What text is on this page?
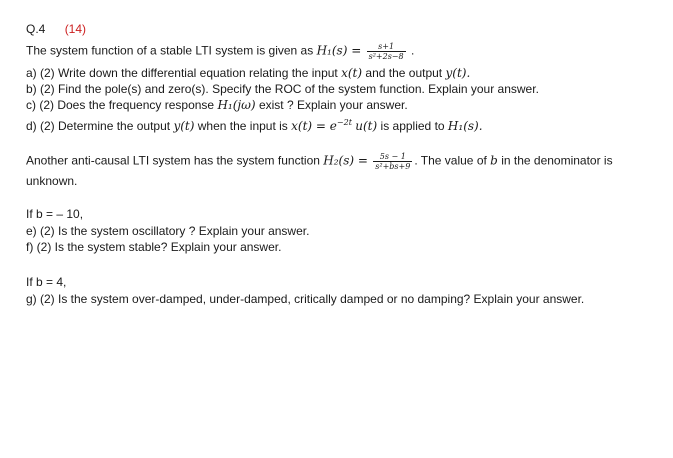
Q.4 (14)
The system function of a stable LTI system is given as $H_1(s) = \frac{s+1}{\text{s²+2s−8}}$ .
a) (2) Write down the differential equation relating the input x(t) and the output y(t).
b) (2) Find the pole(s) and zero(s). Specify the ROC of the system function. Explain your answer.
c) (2) Does the frequency response H₁(jω) exist ? Explain your answer.
d) (2) Determine the output y(t) when the input is $x(t) = e^{-2t}$ u(t) is applied to H₁(s).
Another anti-causal LTI system has the system function $H_2(s) = \frac{5s - 1}{\text{s²+bs+9}}$ . The value of b in the denominator is
unknown.
If b = – 10,
e) (2) Is the system oscillatory ? Explain your answer.
f) (2) Is the system stable? Explain your answer.
If b = 4,
g) (2) Is the system over-damped, under-damped, critically damped or no damping? Explain your answer.
